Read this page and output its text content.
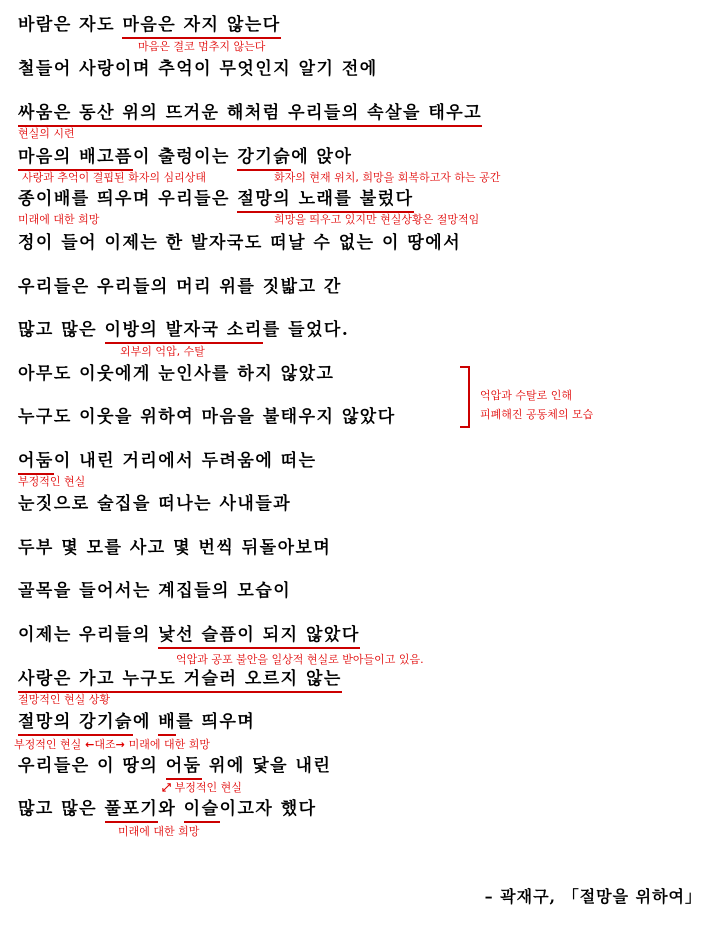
바람은 자도 마음은 자지 않는다
마음은 결코 멈추지 않는다
철들어 사랑이며 추억이 무엇인지 알기 전에
싸움은 동산 위의 뜨거운 해처럼 우리들의 속살을 태우고
현실의 시련
마음의 배고픔이 출렁이는 강기슭에 앉아
사랑과 추억이 결핍된 화자의 심리상태	화자의 현재 위치, 희망을 회복하고자 하는 공간
종이배를 띄우며 우리들은 절망의 노래를 불렀다
미래에 대한 희망	희망을 띄우고 있지만 현실상황은 절망적임
정이 들어 이제는 한 발자국도 떠날 수 없는 이 땅에서
우리들은 우리들의 머리 위를 짓밟고 간
많고 많은 이방의 발자국 소리를 들었다.
외부의 억압, 수탈
아무도 이웃에게 눈인사를 하지 않았고
누구도 이웃을 위하여 마음을 불태우지 않았다
억압과 수탈로 인해
피폐해진 공동체의 모습
어둠이 내린 거리에서 두려움에 떠는
부정적인 현실
눈짓으로 술집을 떠나는 사내들과
두부 몇 모를 사고 몇 번씩 뒤돌아보며
골목을 들어서는 계집들의 모습이
이제는 우리들의 낯선 슬픔이 되지 않았다
억압과 공포 불안을 일상적 현실로 받아들이고 있음.
사랑은 가고 누구도 거슬러 오르지 않는
절망적인 현실 상황
절망의 강기슭에 배를 띄우며
부정적인 현실 ←대조→ 미래에 대한 희망
우리들은 이 땅의 어둠 위에 닻을 내린
⤢ 부정적인 현실
많고 많은 풀포기와 이슬이고자 했다
미래에 대한 희망
– 곽재구, 「절망을 위하여」
